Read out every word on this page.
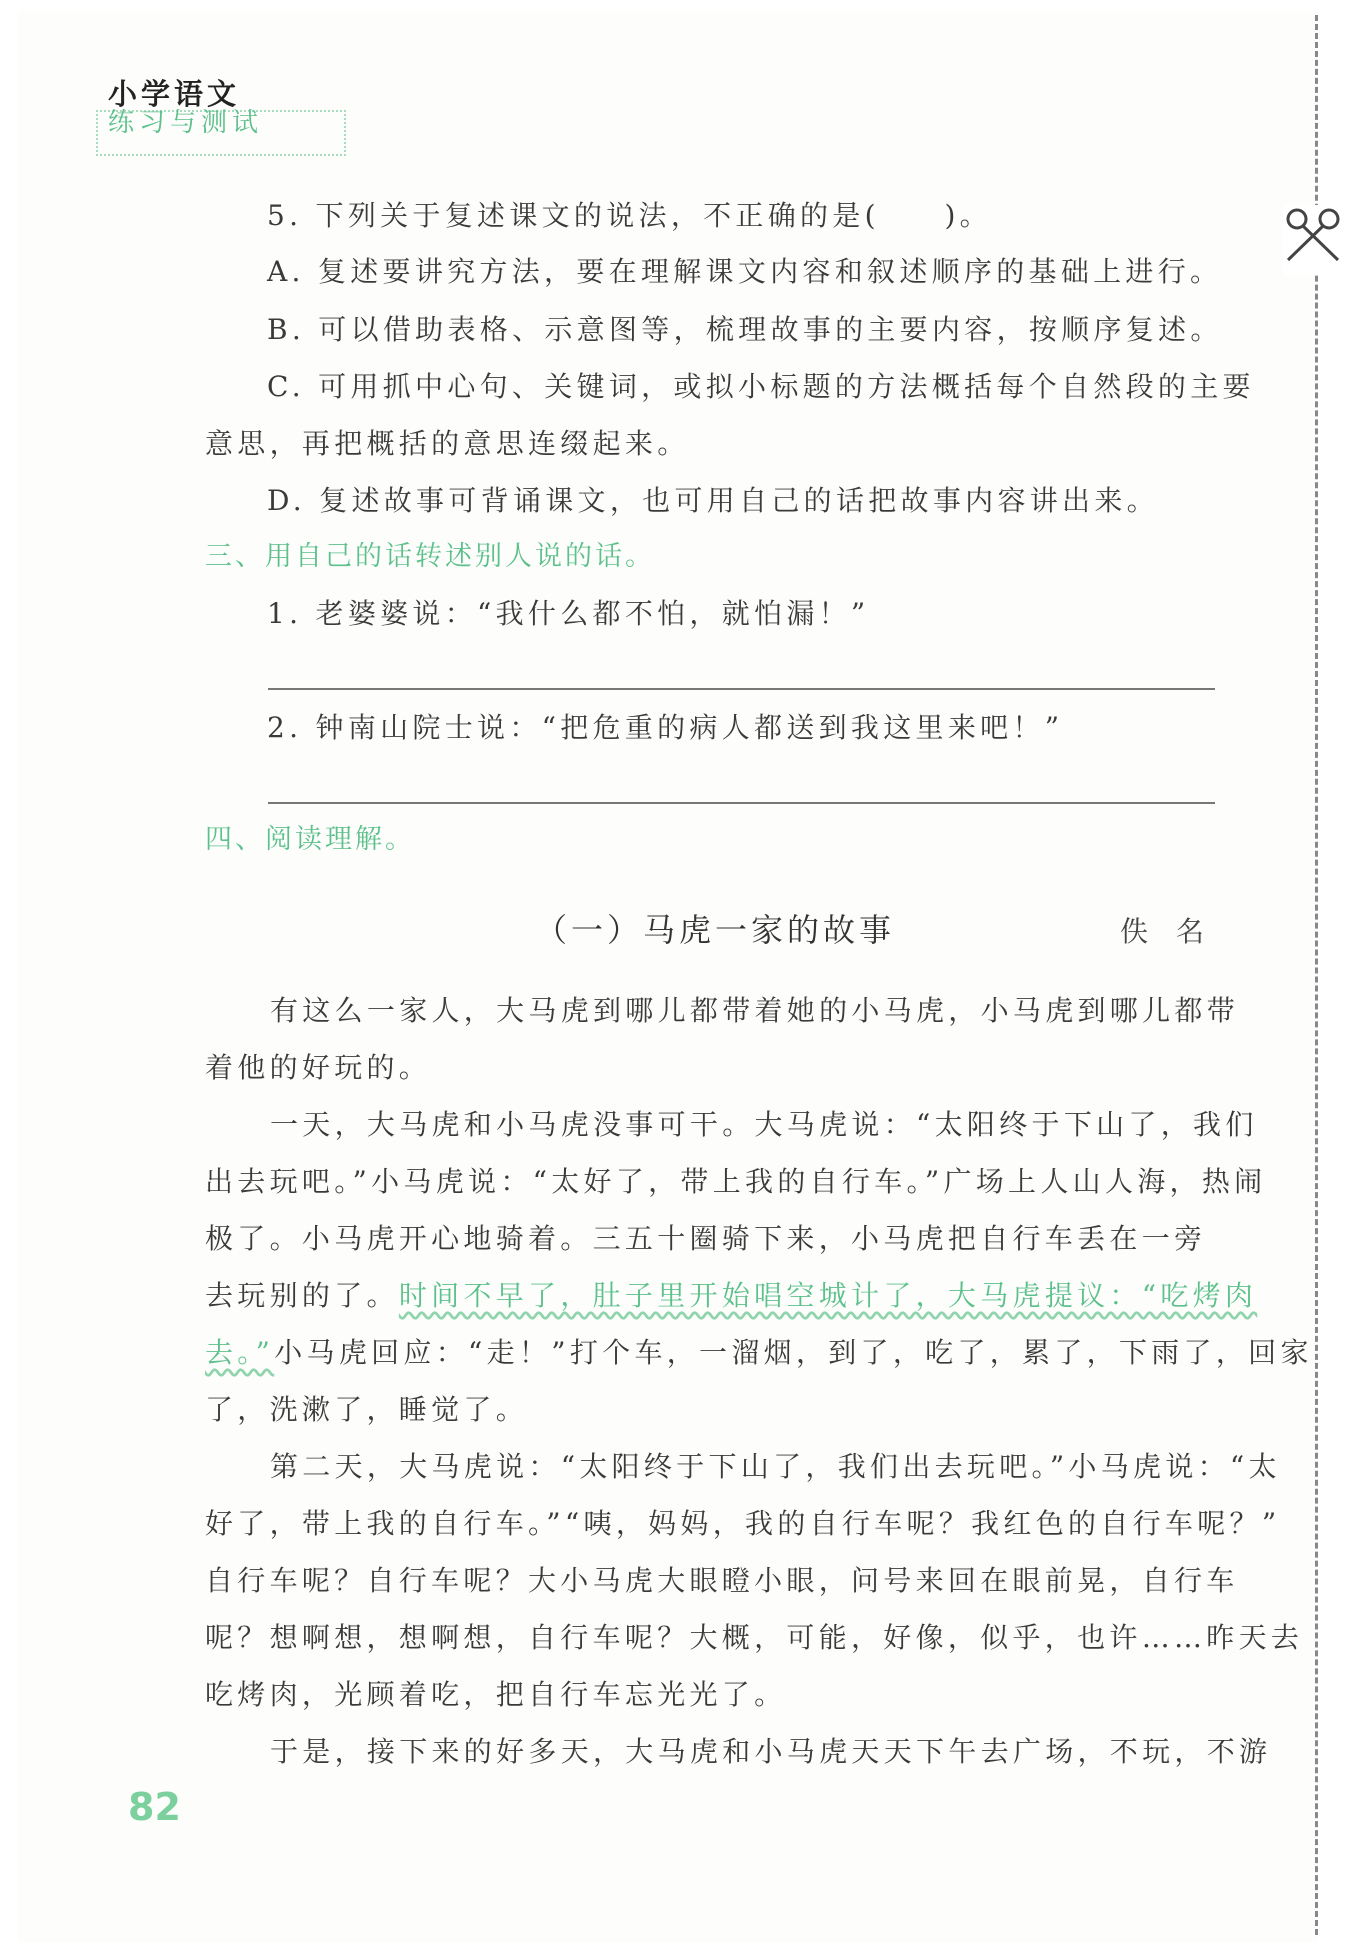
小学语文
练习与测试
5. 下列关于复述课文的说法，不正确的是(　　)。
A. 复述要讲究方法，要在理解课文内容和叙述顺序的基础上进行。
B. 可以借助表格、示意图等，梳理故事的主要内容，按顺序复述。
C. 可用抓中心句、关键词，或拟小标题的方法概括每个自然段的主要
意思，再把概括的意思连缀起来。
D. 复述故事可背诵课文，也可用自己的话把故事内容讲出来。
三、用自己的话转述别人说的话。
1. 老婆婆说：“我什么都不怕，就怕漏！”
2. 钟南山院士说：“把危重的病人都送到我这里来吧！”
四、阅读理解。
（一）马虎一家的故事	佚名
有这么一家人，大马虎到哪儿都带着她的小马虎，小马虎到哪儿都带
着他的好玩的。
一天，大马虎和小马虎没事可干。大马虎说：“太阳终于下山了，我们
出去玩吧。”小马虎说：“太好了，带上我的自行车。”广场上人山人海，热闹
极了。小马虎开心地骑着。三五十圈骑下来，小马虎把自行车丢在一旁
去玩别的了。时间不早了，肚子里开始唱空城计了，大马虎提议：“吃烤肉
去。”小马虎回应：“走！”打个车，一溜烟，到了，吃了，累了，下雨了，回家
了，洗漱了，睡觉了。
第二天，大马虎说：“太阳终于下山了，我们出去玩吧。”小马虎说：“太
好了，带上我的自行车。”“咦，妈妈，我的自行车呢？我红色的自行车呢？”
自行车呢？自行车呢？大小马虎大眼瞪小眼，问号来回在眼前晃，自行车
呢？想啊想，想啊想，自行车呢？大概，可能，好像，似乎，也许……昨天去
吃烤肉，光顾着吃，把自行车忘光光了。
于是，接下来的好多天，大马虎和小马虎天天下午去广场，不玩，不游
82
